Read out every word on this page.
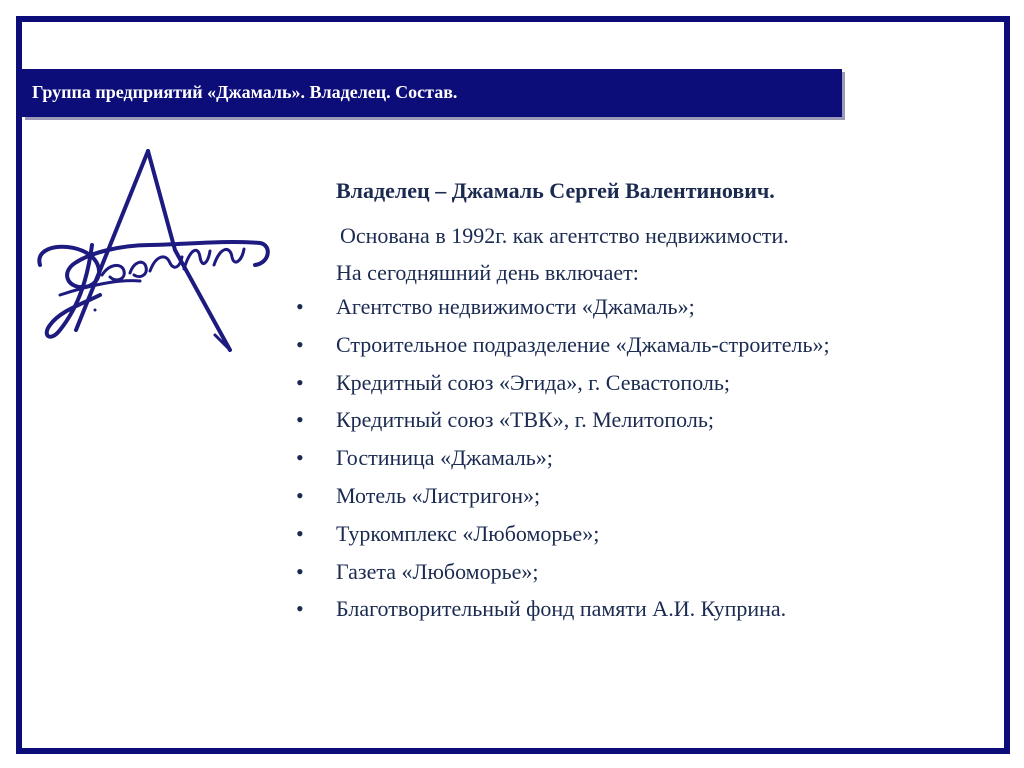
Группа предприятий «Джамаль». Владелец. Состав.
Владелец – Джамаль Сергей Валентинович.
Основана в 1992г. как агентство недвижимости.
На сегодняшний день включает:
• Агентство недвижимости «Джамаль»;
• Строительное подразделение «Джамаль-строитель»;
• Кредитный союз «Эгида», г. Севастополь;
• Кредитный союз «ТВК», г. Мелитополь;
• Гостиница «Джамаль»;
• Мотель «Листригон»;
• Туркомплекс «Любоморье»;
• Газета «Любоморье»;
• Благотворительный фонд памяти А.И. Куприна.
